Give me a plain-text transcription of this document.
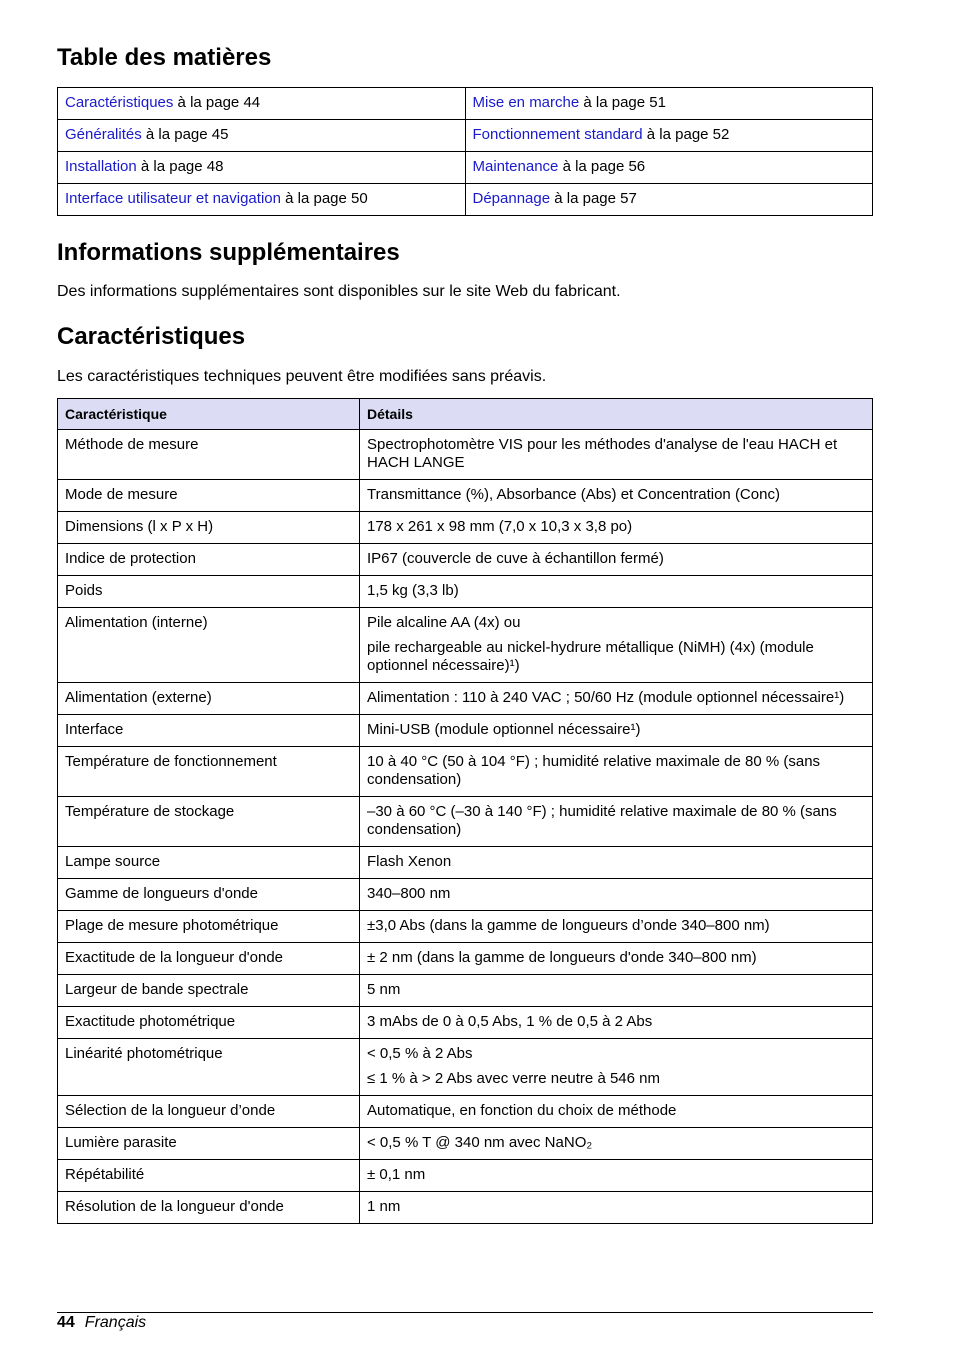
Table des matières
Caractéristiques à la page 44	Mise en marche à la page 51
Généralités à la page 45	Fonctionnement standard à la page 52
Installation à la page 48	Maintenance à la page 56
Interface utilisateur et navigation à la page 50	Dépannage à la page 57
Informations supplémentaires

Des informations supplémentaires sont disponibles sur le site Web du fabricant.

Caractéristiques

Les caractéristiques techniques peuvent être modifiées sans préavis.

Caractéristique	Détails
Méthode de mesure	Spectrophotomètre VIS pour les méthodes d'analyse de l'eau HACH et HACH LANGE
Mode de mesure	Transmittance (%), Absorbance (Abs) et Concentration (Conc)
Dimensions (l x P x H)	178 x 261 x 98 mm (7,0 x 10,3 x 3,8 po)
Indice de protection	IP67 (couvercle de cuve à échantillon fermé)
Poids	1,5 kg (3,3 lb)
Alimentation (interne)	Pile alcaline AA (4x) ou
pile rechargeable au nickel-hydrure métallique (NiMH) (4x) (module optionnel nécessaire)¹)

Alimentation (externe)	Alimentation : 110 à 240 VAC ; 50/60 Hz (module optionnel nécessaire¹)
Interface	Mini-USB (module optionnel nécessaire¹)
Température de fonctionnement	10 à 40 °C (50 à 104 °F) ; humidité relative maximale de 80 % (sans condensation)
Température de stockage	–30 à 60 °C (–30 à 140 °F) ; humidité relative maximale de 80 % (sans condensation)
Lampe source	Flash Xenon
Gamme de longueurs d'onde	340–800 nm
Plage de mesure photométrique	±3,0 Abs (dans la gamme de longueurs d’onde 340–800 nm)
Exactitude de la longueur d'onde	± 2 nm (dans la gamme de longueurs d'onde 340–800 nm)
Largeur de bande spectrale	5 nm
Exactitude photométrique	3 mAbs de 0 à 0,5 Abs, 1 % de 0,5 à 2 Abs
Linéarité photométrique	< 0,5 % à 2 Abs
≤ 1 % à > 2 Abs avec verre neutre à 546 nm

Sélection de la longueur d’onde	Automatique, en fonction du choix de méthode
Lumière parasite	< 0,5 % T @ 340 nm avec NaNO₂
Répétabilité	± 0,1 nm
Résolution de la longueur d'onde	1 nm
44 Français
